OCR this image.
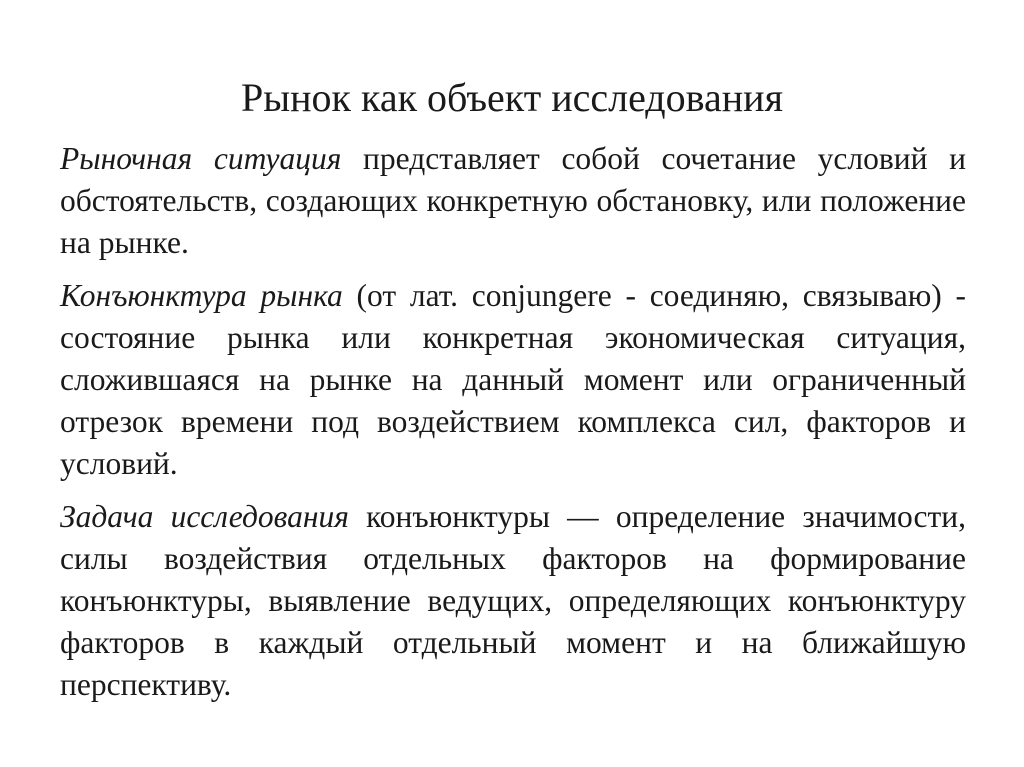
Рынок как объект исследования

Рыночная ситуация представляет собой сочетание условий и обстоятельств, создающих конкретную обстановку, или положение на рынке.

Конъюнктура рынка (от лат. conjungere - соединяю, связываю) - состояние рынка или конкретная экономическая ситуация, сложившаяся на рынке на данный момент или ограниченный отрезок времени под воздействием комплекса сил, факторов и условий.

Задача исследования конъюнктуры — определение значимости, силы воздействия отдельных факторов на формирование конъюнктуры, выявление ведущих, определяющих конъюнктуру факторов в каждый отдельный момент и на ближайшую перспективу.
